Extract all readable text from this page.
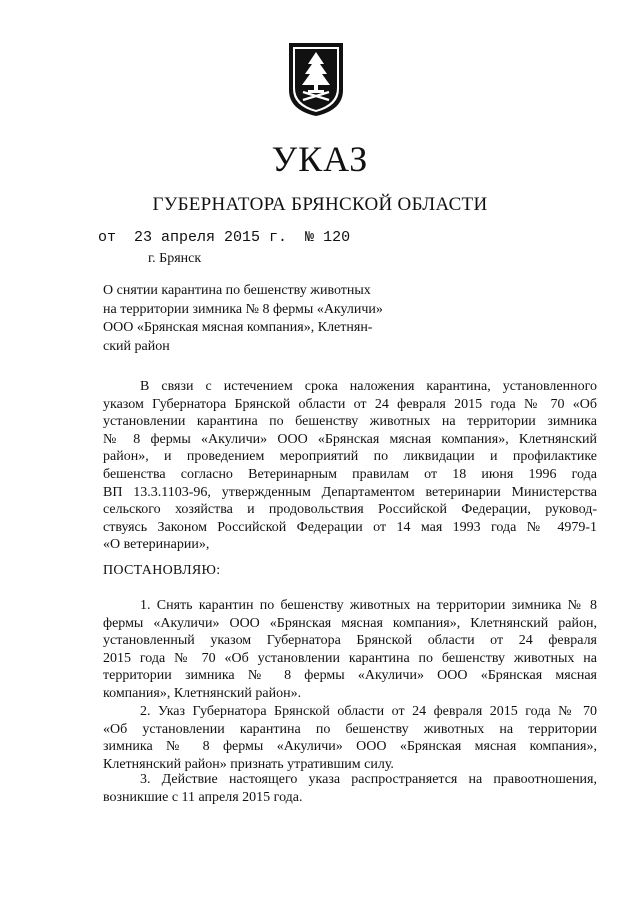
УКАЗ
ГУБЕРНАТОРА БРЯНСКОЙ ОБЛАСТИ
от 23 апреля 2015 г. № 120
г. Брянск
О снятии карантина по бешенству животных
на территории зимника № 8 фермы «Акуличи»
ООО «Брянская мясная компания», Клетнян-
ский район
В связи с истечением срока наложения карантина, установленного
указом Губернатора Брянской области от 24 февраля 2015 года № 70 «Об
установлении карантина по бешенству животных на территории зимника
№ 8 фермы «Акуличи» ООО «Брянская мясная компания», Клетнянский
район», и проведением мероприятий по ликвидации и профилактике
бешенства согласно Ветеринарным правилам от 18 июня 1996 года
ВП 13.3.1103-96, утвержденным Департаментом ветеринарии Министерства
сельского хозяйства и продовольствия Российской Федерации, руковод-
ствуясь Законом Российской Федерации от 14 мая 1993 года № 4979-1
«О ветеринарии»,
ПОСТАНОВЛЯЮ:
1. Снять карантин по бешенству животных на территории зимника № 8
фермы «Акуличи» ООО «Брянская мясная компания», Клетнянский район,
установленный указом Губернатора Брянской области от 24 февраля
2015 года № 70 «Об установлении карантина по бешенству животных на
территории зимника № 8 фермы «Акуличи» ООО «Брянская мясная
компания», Клетнянский район».
2. Указ Губернатора Брянской области от 24 февраля 2015 года № 70
«Об установлении карантина по бешенству животных на территории
зимника № 8 фермы «Акуличи» ООО «Брянская мясная компания»,
Клетнянский район» признать утратившим силу.
3. Действие настоящего указа распространяется на правоотношения,
возникшие с 11 апреля 2015 года.
